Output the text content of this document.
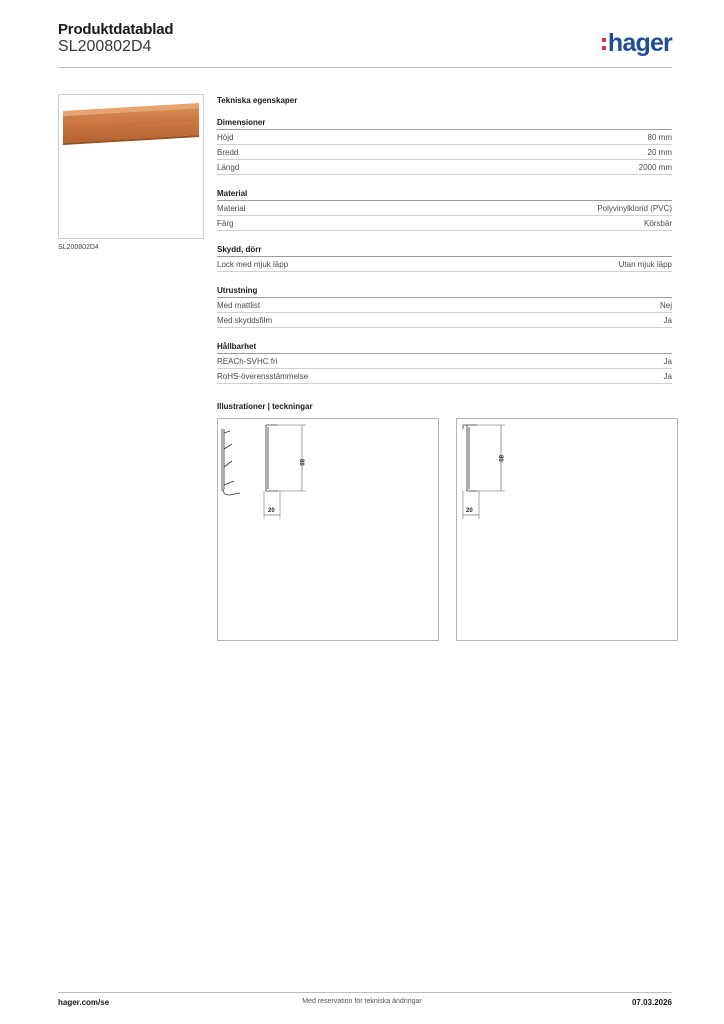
Produktdatablad
SL200802D4	hager
SL200802D4
Tekniska egenskaper
Dimensioner
Höjd	80 mm
Bredd	20 mm
Längd	2000 mm
Material
Material	Polyvinylklorid (PVC)
Färg	Körsbär
Skydd, dörr
Lock med mjuk läpp	Utan mjuk läpp
Utrustning
Med mattlist	Nej
Med skyddsfilm	Ja
Hållbarhet
REACh-SVHC fri	Ja
RoHS-överensstämmelse	Ja
Illustrationer | teckningar
80
20
80
20
hager.com/se	Med reservation för tekniska ändringar	07.03.2026
